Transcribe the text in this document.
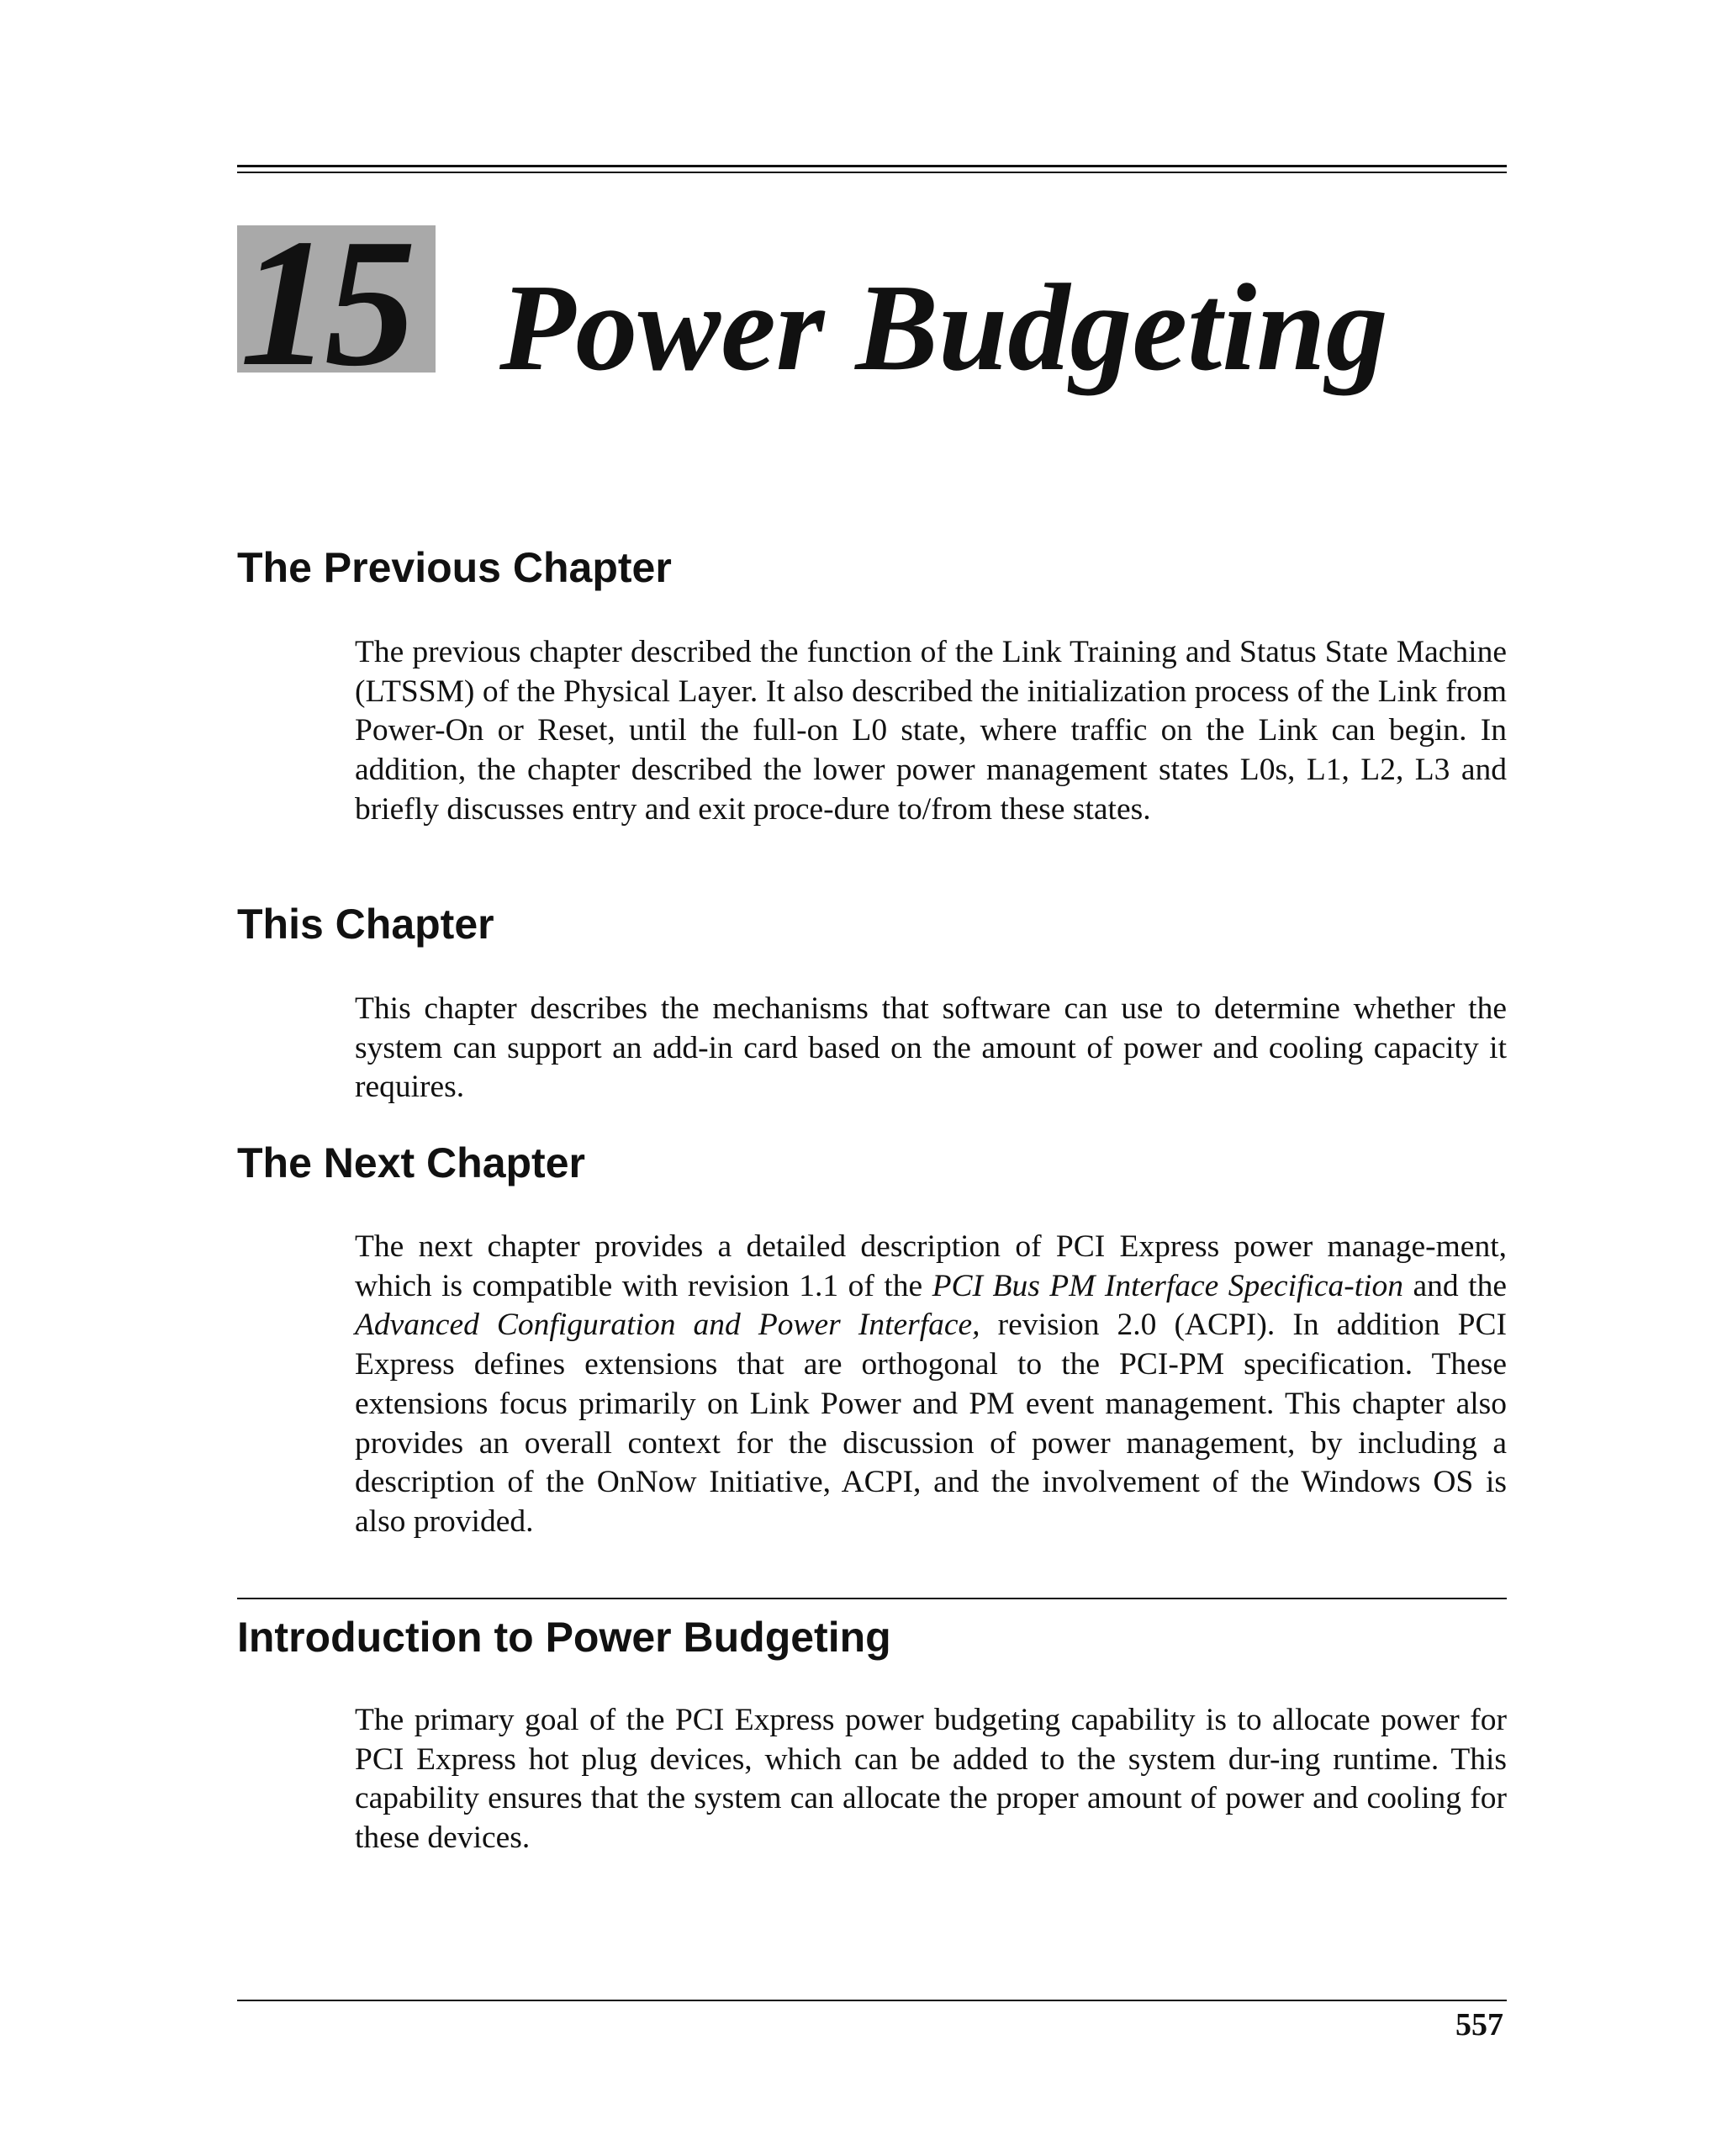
15 Power Budgeting
The Previous Chapter

The previous chapter described the function of the Link Training and Status State Machine (LTSSM) of the Physical Layer. It also described the initialization process of the Link from Power-On or Reset, until the full-on L0 state, where traffic on the Link can begin. In addition, the chapter described the lower power management states L0s, L1, L2, L3 and briefly discusses entry and exit proce-dure to/from these states.

This Chapter

This chapter describes the mechanisms that software can use to determine whether the system can support an add-in card based on the amount of power and cooling capacity it requires.

The Next Chapter

The next chapter provides a detailed description of PCI Express power manage-ment, which is compatible with revision 1.1 of the PCI Bus PM Interface Specifica-tion and the Advanced Configuration and Power Interface, revision 2.0 (ACPI). In addition PCI Express defines extensions that are orthogonal to the PCI-PM specification. These extensions focus primarily on Link Power and PM event management. This chapter also provides an overall context for the discussion of power management, by including a description of the OnNow Initiative, ACPI, and the involvement of the Windows OS is also provided.

Introduction to Power Budgeting

The primary goal of the PCI Express power budgeting capability is to allocate power for PCI Express hot plug devices, which can be added to the system dur-ing runtime. This capability ensures that the system can allocate the proper amount of power and cooling for these devices.

557
